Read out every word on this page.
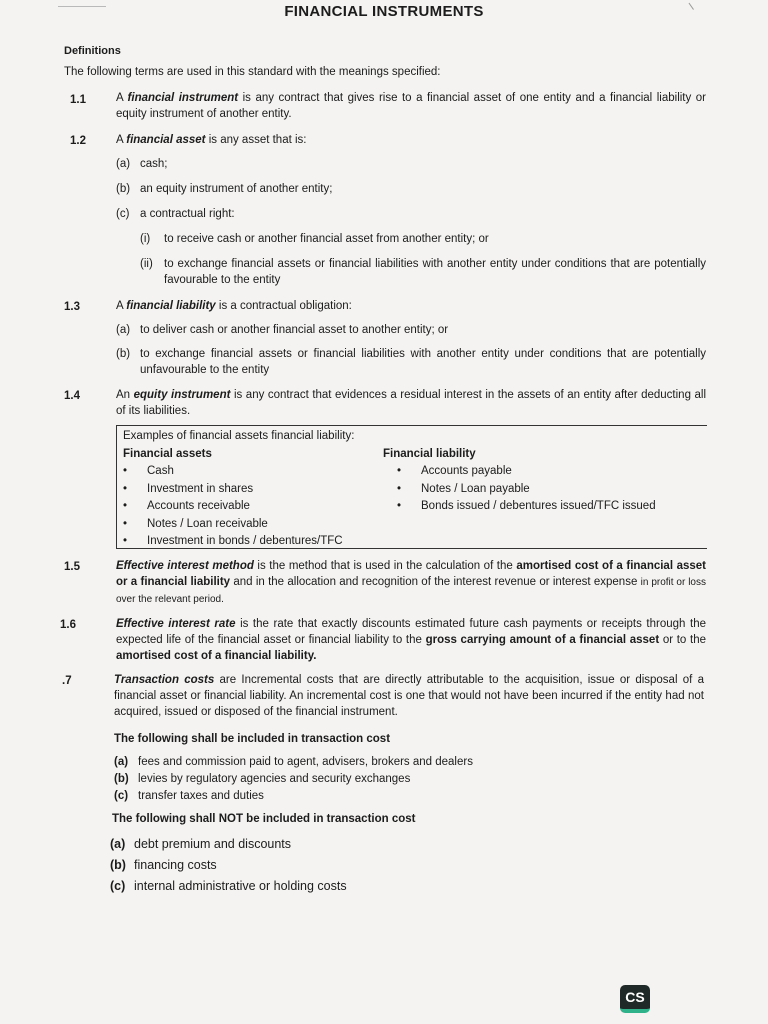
FINANCIAL INSTRUMENTS
Definitions
The following terms are used in this standard with the meanings specified:
1.1	A financial instrument is any contract that gives rise to a financial asset of one entity and a financial liability or equity instrument of another entity.
1.2	A financial asset is any asset that is:
(a) cash;
(b) an equity instrument of another entity;
(c) a contractual right:
(i) to receive cash or another financial asset from another entity; or
(ii) to exchange financial assets or financial liabilities with another entity under conditions that are potentially favourable to the entity
1.3	A financial liability is a contractual obligation:
(a) to deliver cash or another financial asset to another entity; or
(b) to exchange financial assets or financial liabilities with another entity under conditions that are potentially unfavourable to the entity
1.4	An equity instrument is any contract that evidences a residual interest in the assets of an entity after deducting all of its liabilities.
Examples of financial assets financial liability:
Financial assets
• Cash
• Investment in shares
• Accounts receivable
• Notes / Loan receivable
• Investment in bonds / debentures/TFC
Financial liability
• Accounts payable
• Notes / Loan payable
• Bonds issued / debentures issued/TFC issued
1.5	Effective interest method is the method that is used in the calculation of the amortised cost of a financial asset or a financial liability and in the allocation and recognition of the interest revenue or interest expense in profit or loss over the relevant period.
1.6	Effective interest rate is the rate that exactly discounts estimated future cash payments or receipts through the expected life of the financial asset or financial liability to the gross carrying amount of a financial asset or to the amortised cost of a financial liability.
.7	Transaction costs are Incremental costs that are directly attributable to the acquisition, issue or disposal of a financial asset or financial liability. An incremental cost is one that would not have been incurred if the entity had not acquired, issued or disposed of the financial instrument.
The following shall be included in transaction cost
(a) fees and commission paid to agent, advisers, brokers and dealers
(b) levies by regulatory agencies and security exchanges
(c) transfer taxes and duties
The following shall NOT be included in transaction cost
(a) debt premium and discounts
(b) financing costs
(c) internal administrative or holding costs
CS
